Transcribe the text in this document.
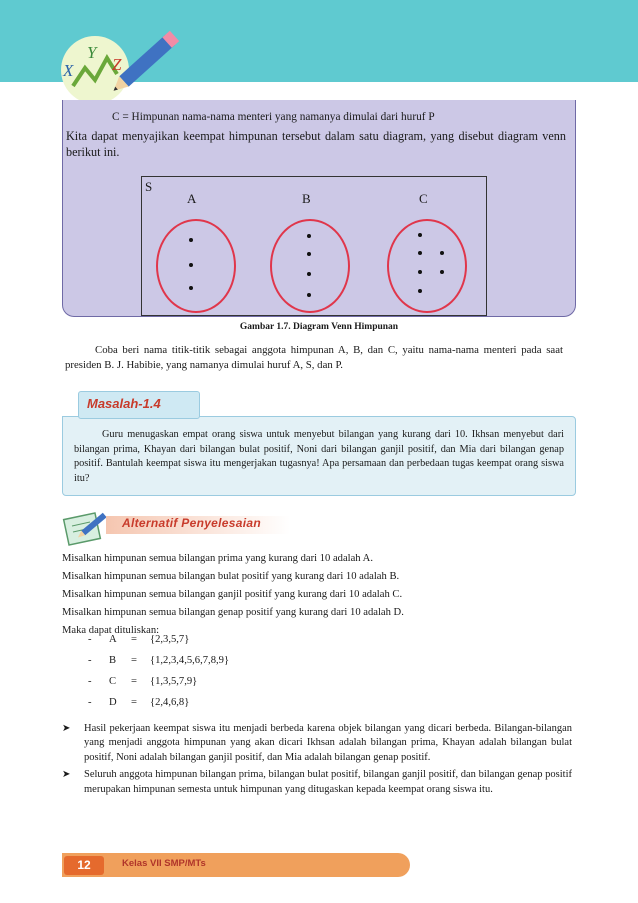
X
Y
Z
C = Himpunan nama-nama menteri yang namanya dimulai dari huruf P
Kita dapat menyajikan keempat himpunan tersebut dalam satu diagram, yang disebut diagram venn berikut ini.
S
A	B	C
Gambar 1.7. Diagram Venn Himpunan
Coba beri nama titik-titik sebagai anggota himpunan A, B, dan C, yaitu nama-nama menteri pada saat presiden B. J. Habibie, yang namanya dimulai huruf A, S, dan P.
Masalah-1.4
Guru menugaskan empat orang siswa untuk menyebut bilangan yang kurang dari 10. Ikhsan menyebut dari bilangan prima, Khayan dari bilangan bulat positif, Noni dari bilangan ganjil positif, dan Mia dari bilangan genap positif. Bantulah keempat siswa itu mengerjakan tugasnya! Apa persamaan dan perbedaan tugas keempat orang siswa itu?
Alternatif Penyelesaian
Misalkan himpunan semua bilangan prima yang kurang dari 10 adalah A.
Misalkan himpunan semua bilangan bulat positif yang kurang dari 10 adalah B.
Misalkan himpunan semua bilangan ganjil positif yang kurang dari 10 adalah C.
Misalkan himpunan semua bilangan genap positif yang kurang dari 10 adalah D.
Maka dapat dituliskan:
-	A	=	{2,3,5,7}
-	B	=	{1,2,3,4,5,6,7,8,9}
-	C	=	{1,3,5,7,9}
-	D	=	{2,4,6,8}
➤ Hasil pekerjaan keempat siswa itu menjadi berbeda karena objek bilangan yang dicari berbeda. Bilangan-bilangan yang menjadi anggota himpunan yang akan dicari Ikhsan adalah bilangan prima, Khayan adalah bilangan bulat positif, Noni adalah bilangan ganjil positif, dan Mia adalah bilangan genap positif.
➤ Seluruh anggota himpunan bilangan prima, bilangan bulat positif, bilangan ganjil positif, dan bilangan genap positif merupakan himpunan semesta untuk himpunan yang ditugaskan kepada keempat orang siswa itu.
12	Kelas VII SMP/MTs
